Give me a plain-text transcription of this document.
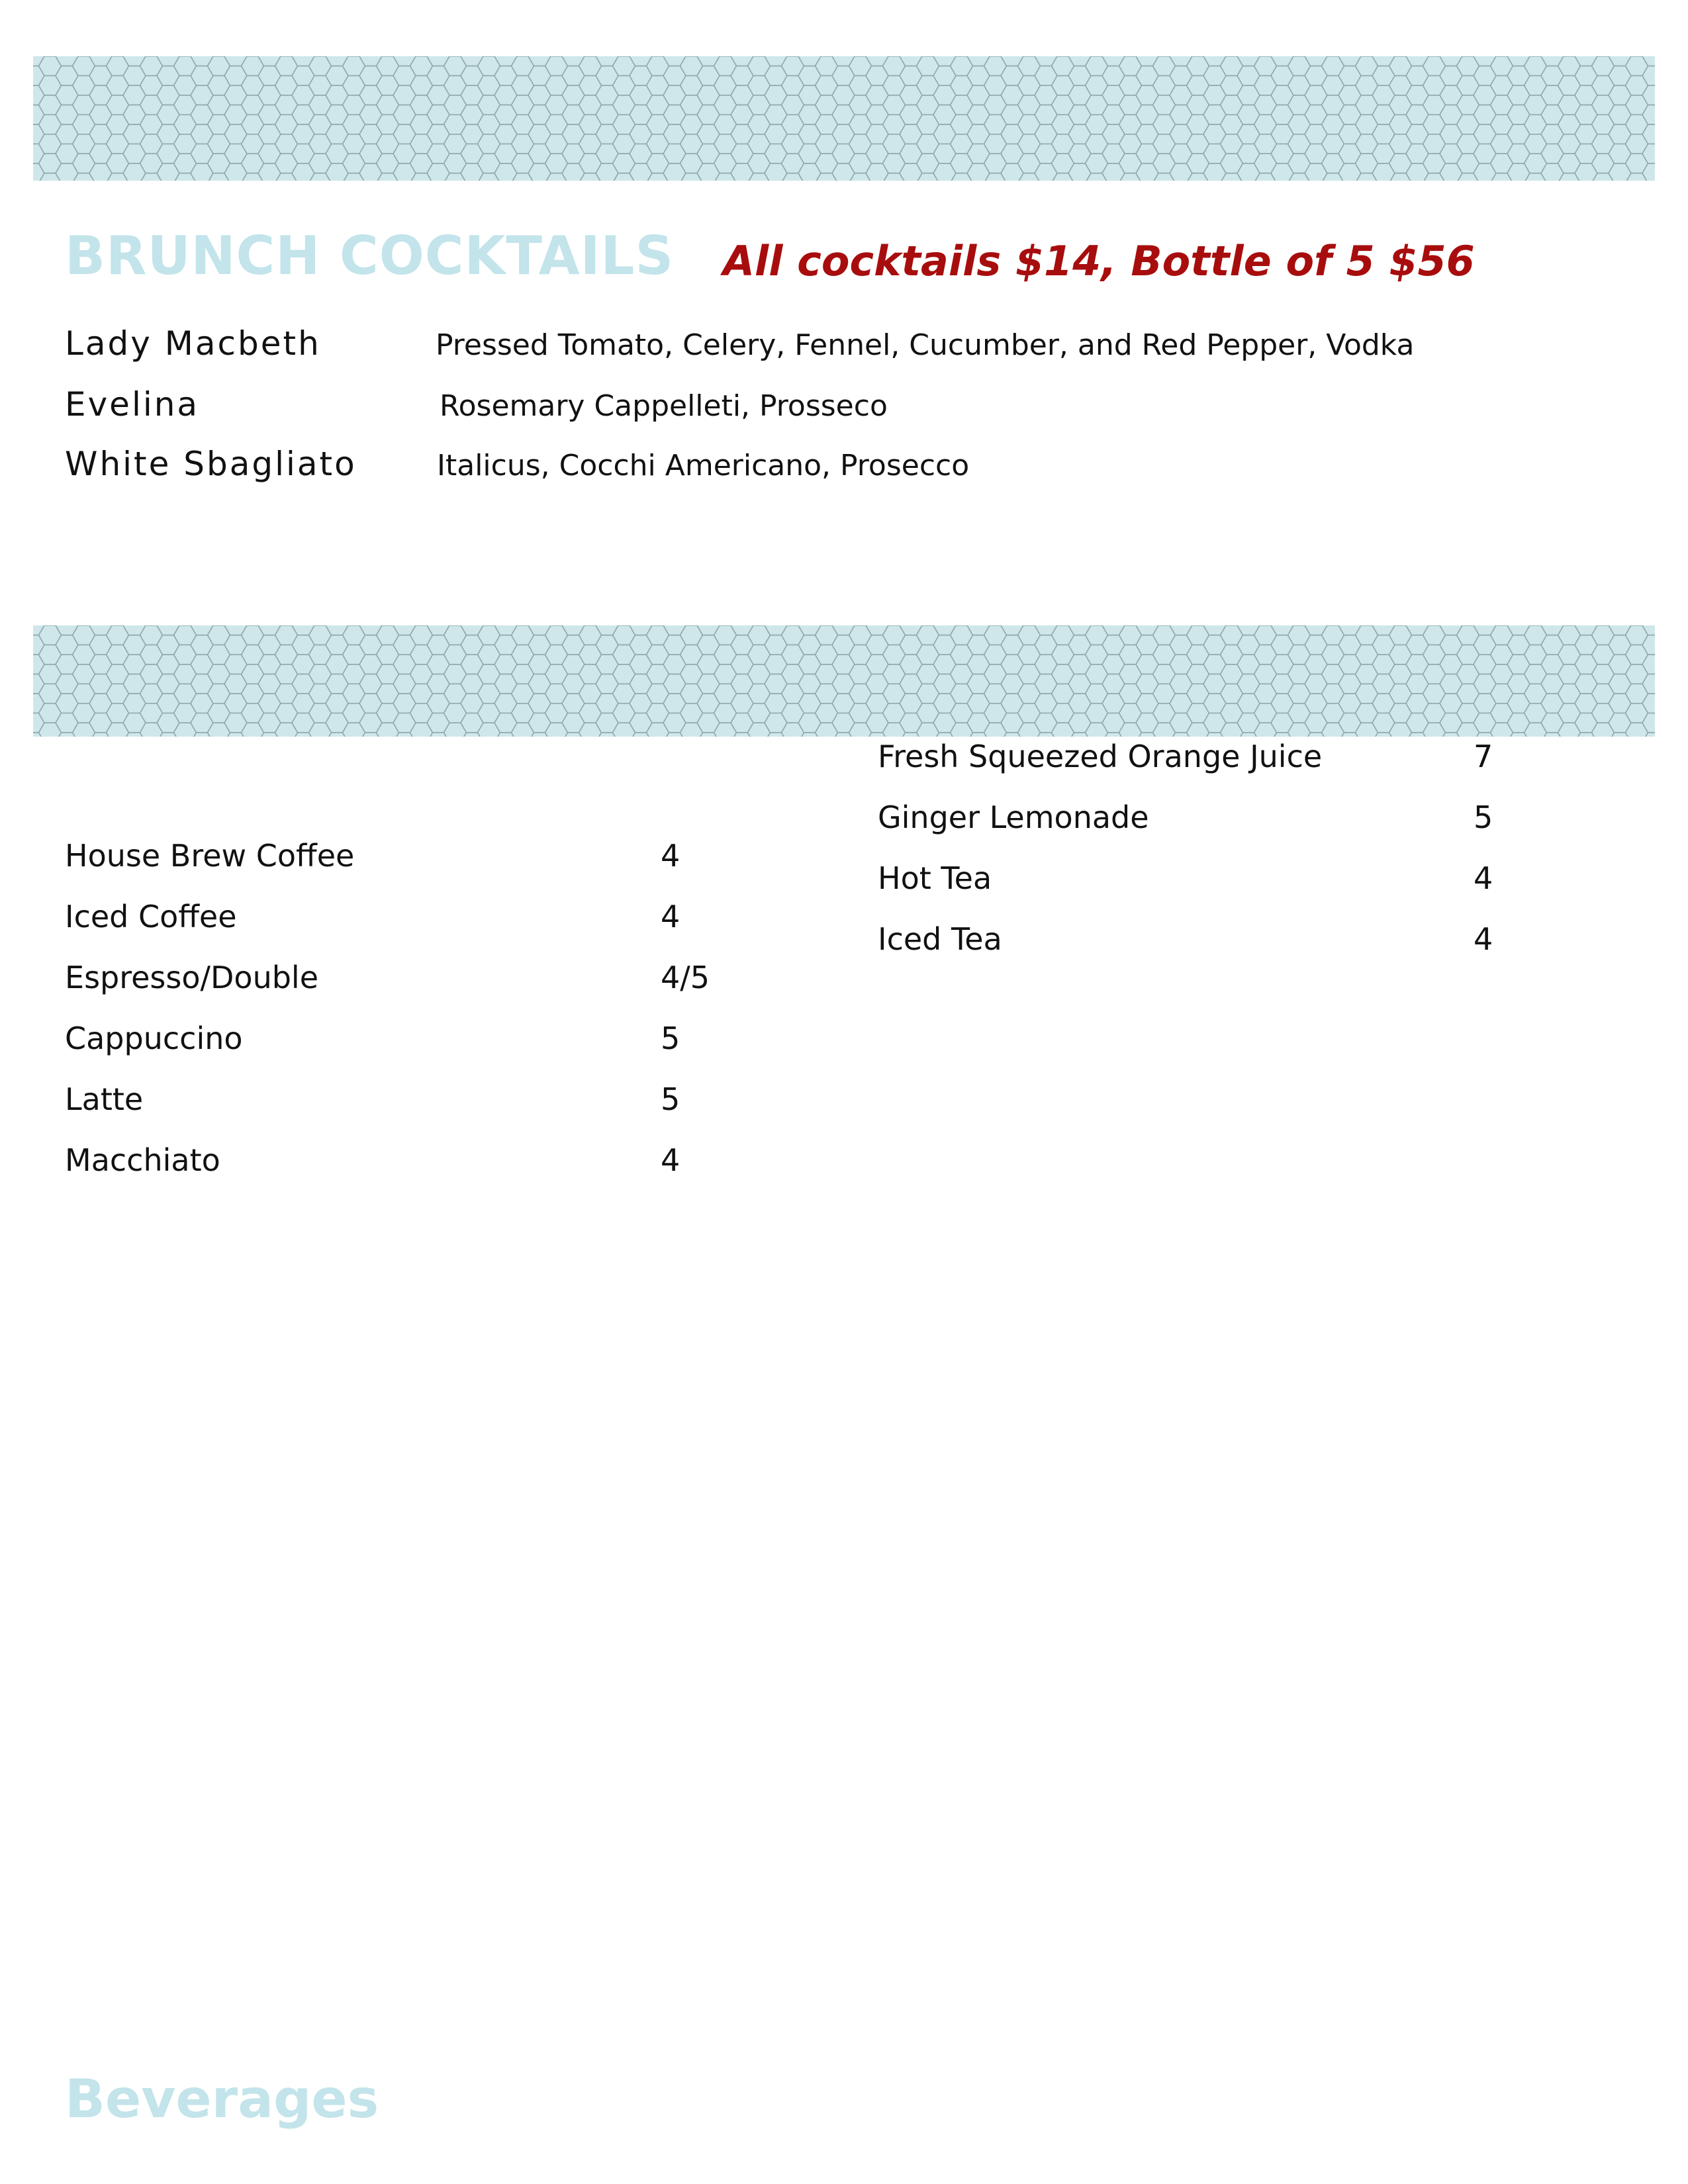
BRUNCH COCKTAILS All cocktails $14, Bottle of 5 $56
Lady Macbeth	Pressed Tomato, Celery, Fennel, Cucumber, and Red Pepper, Vodka
Evelina	Rosemary Cappelleti, Prosseco
White Sbagliato	Italicus, Cocchi Americano, Prosecco
Fresh Squeezed Orange Juice	7
Ginger Lemonade	5
Hot Tea	4
Iced Tea	4
House Brew Coffee	4
Iced Coffee	4
Espresso/Double	4/5
Cappuccino	5
Latte	5
Macchiato	4
Beverages
